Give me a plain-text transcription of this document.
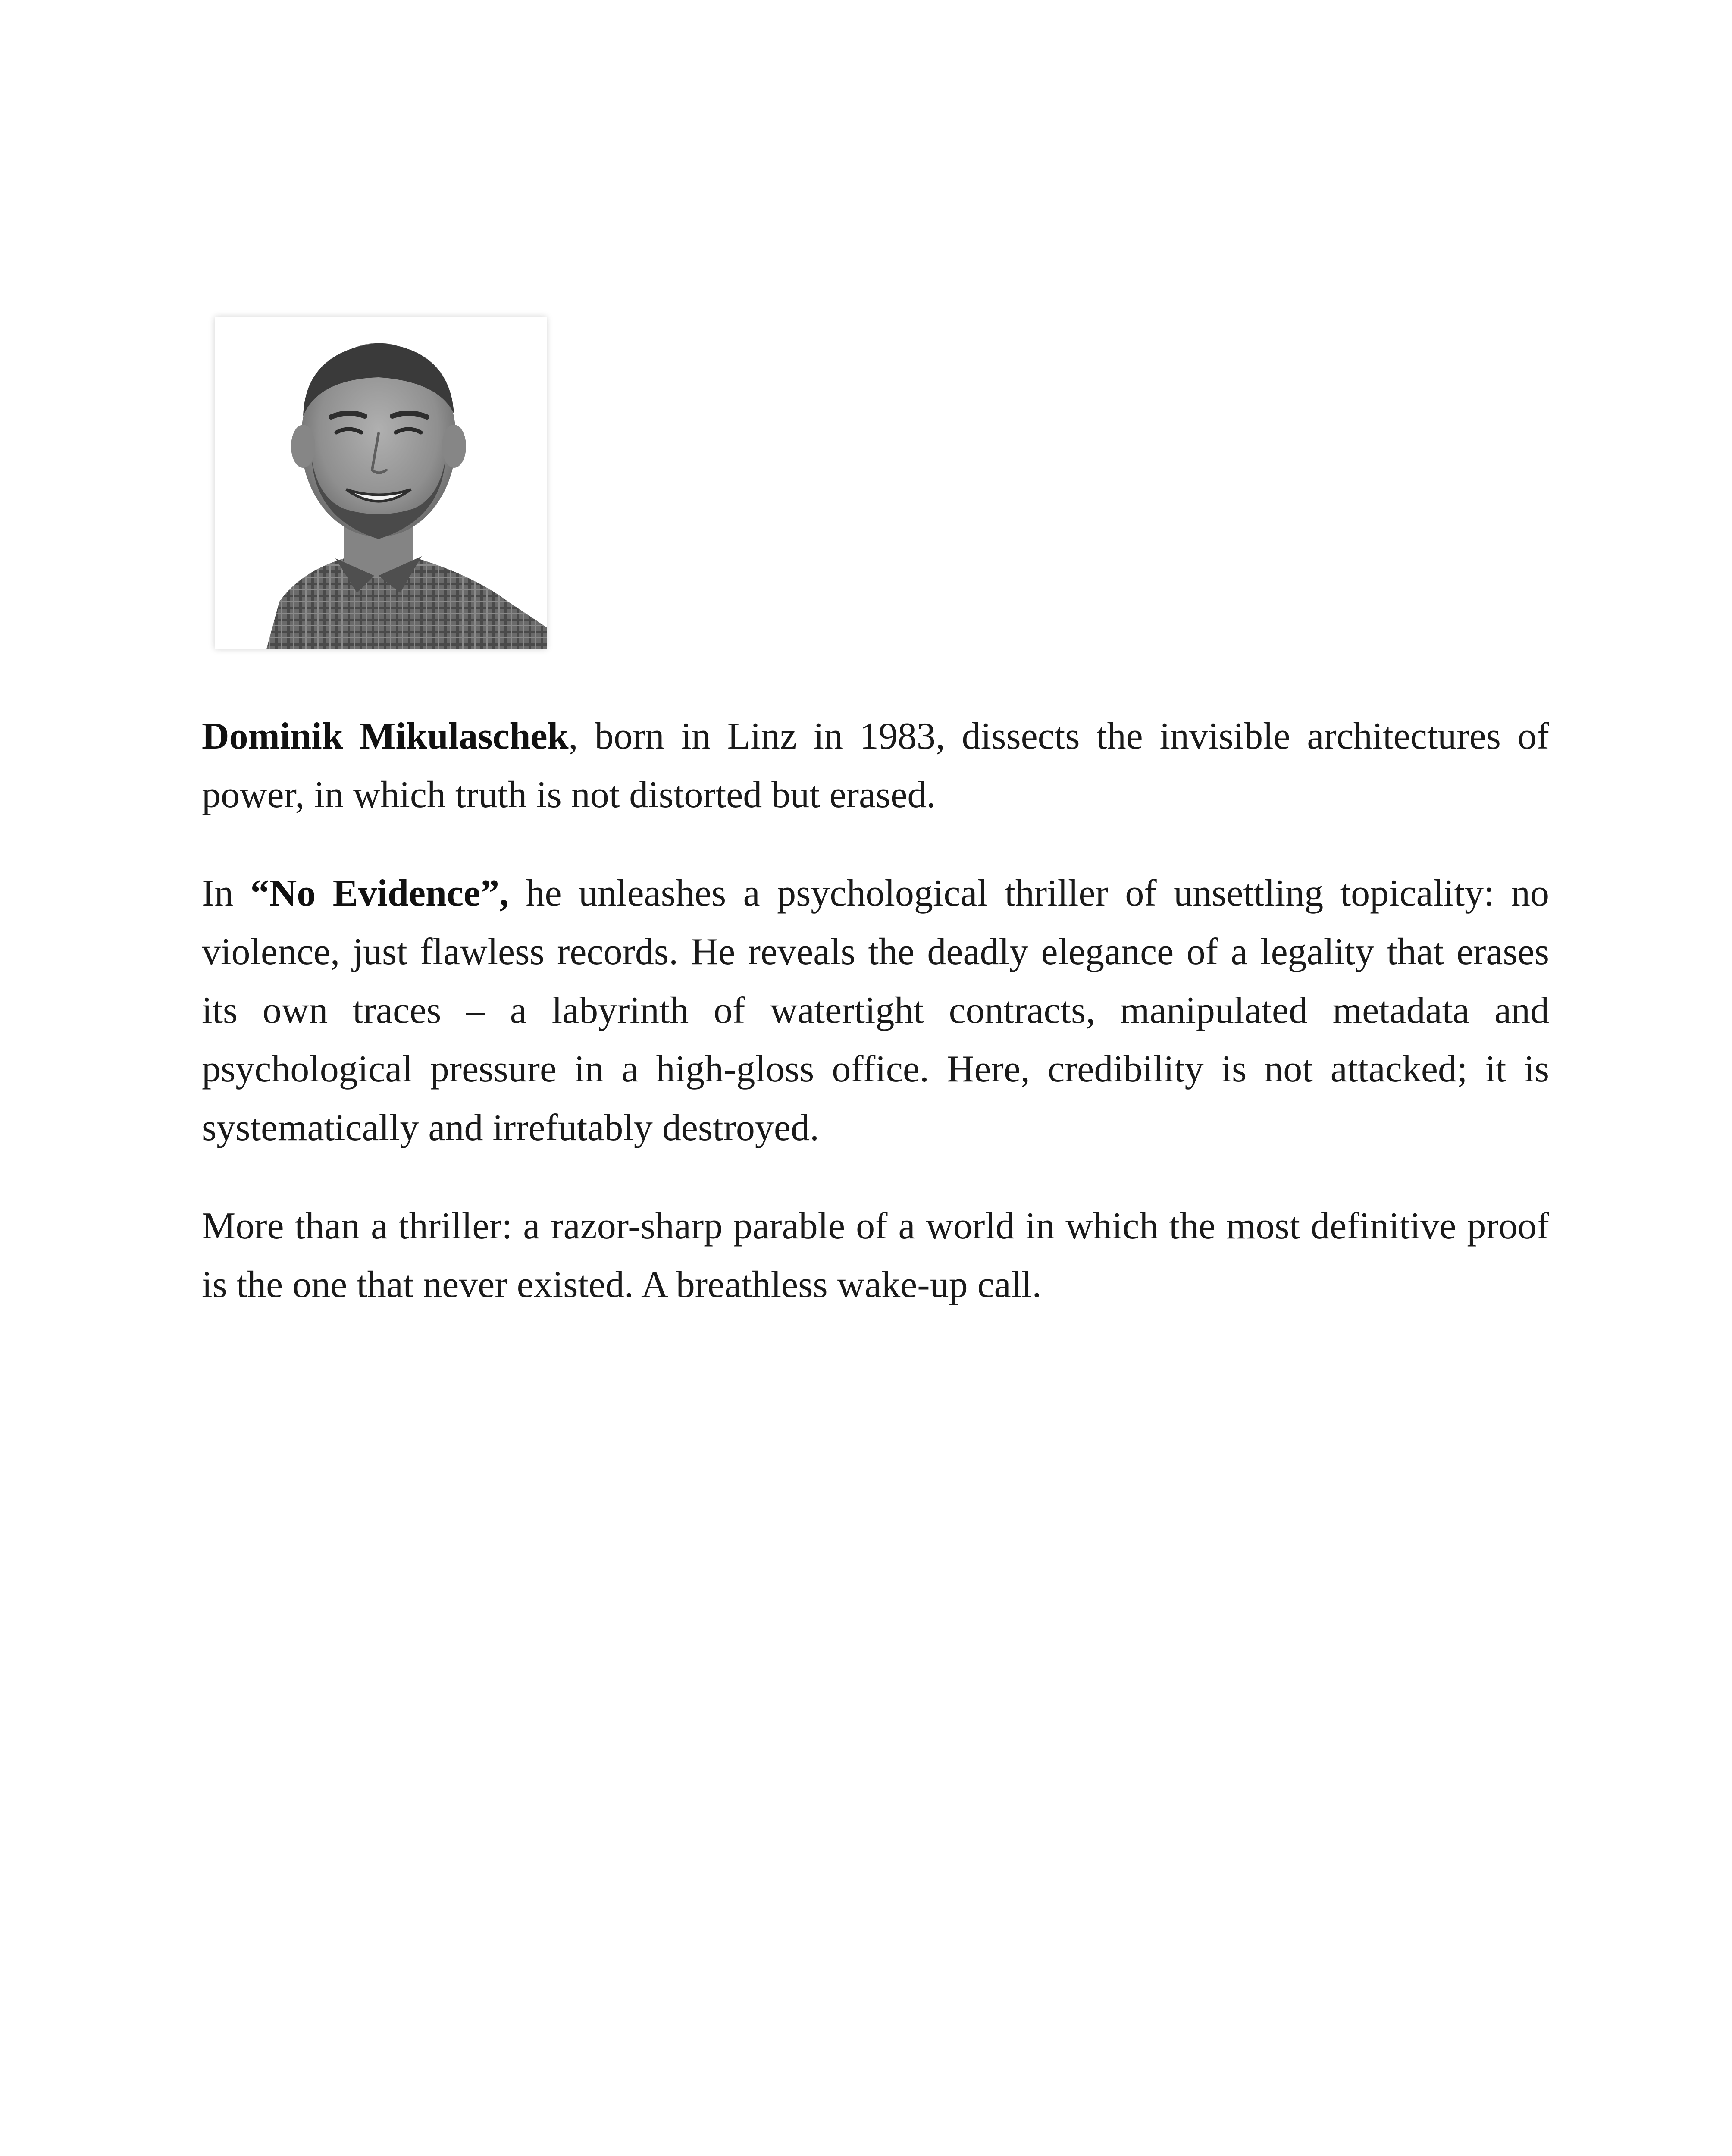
Dominik Mikulaschek, born in Linz in 1983, dissects the invisible architectures of power, in which truth is not distorted but erased.

In “No Evidence”, he unleashes a psychological thriller of unsettling topicality: no violence, just flawless records. He reveals the deadly elegance of a legality that erases its own traces – a labyrinth of watertight contracts, manipulated metadata and psychological pressure in a high-gloss office. Here, credibility is not attacked; it is systematically and irrefutably destroyed.

More than a thriller: a razor-sharp parable of a world in which the most definitive proof is the one that never existed. A breathless wake-up call.
